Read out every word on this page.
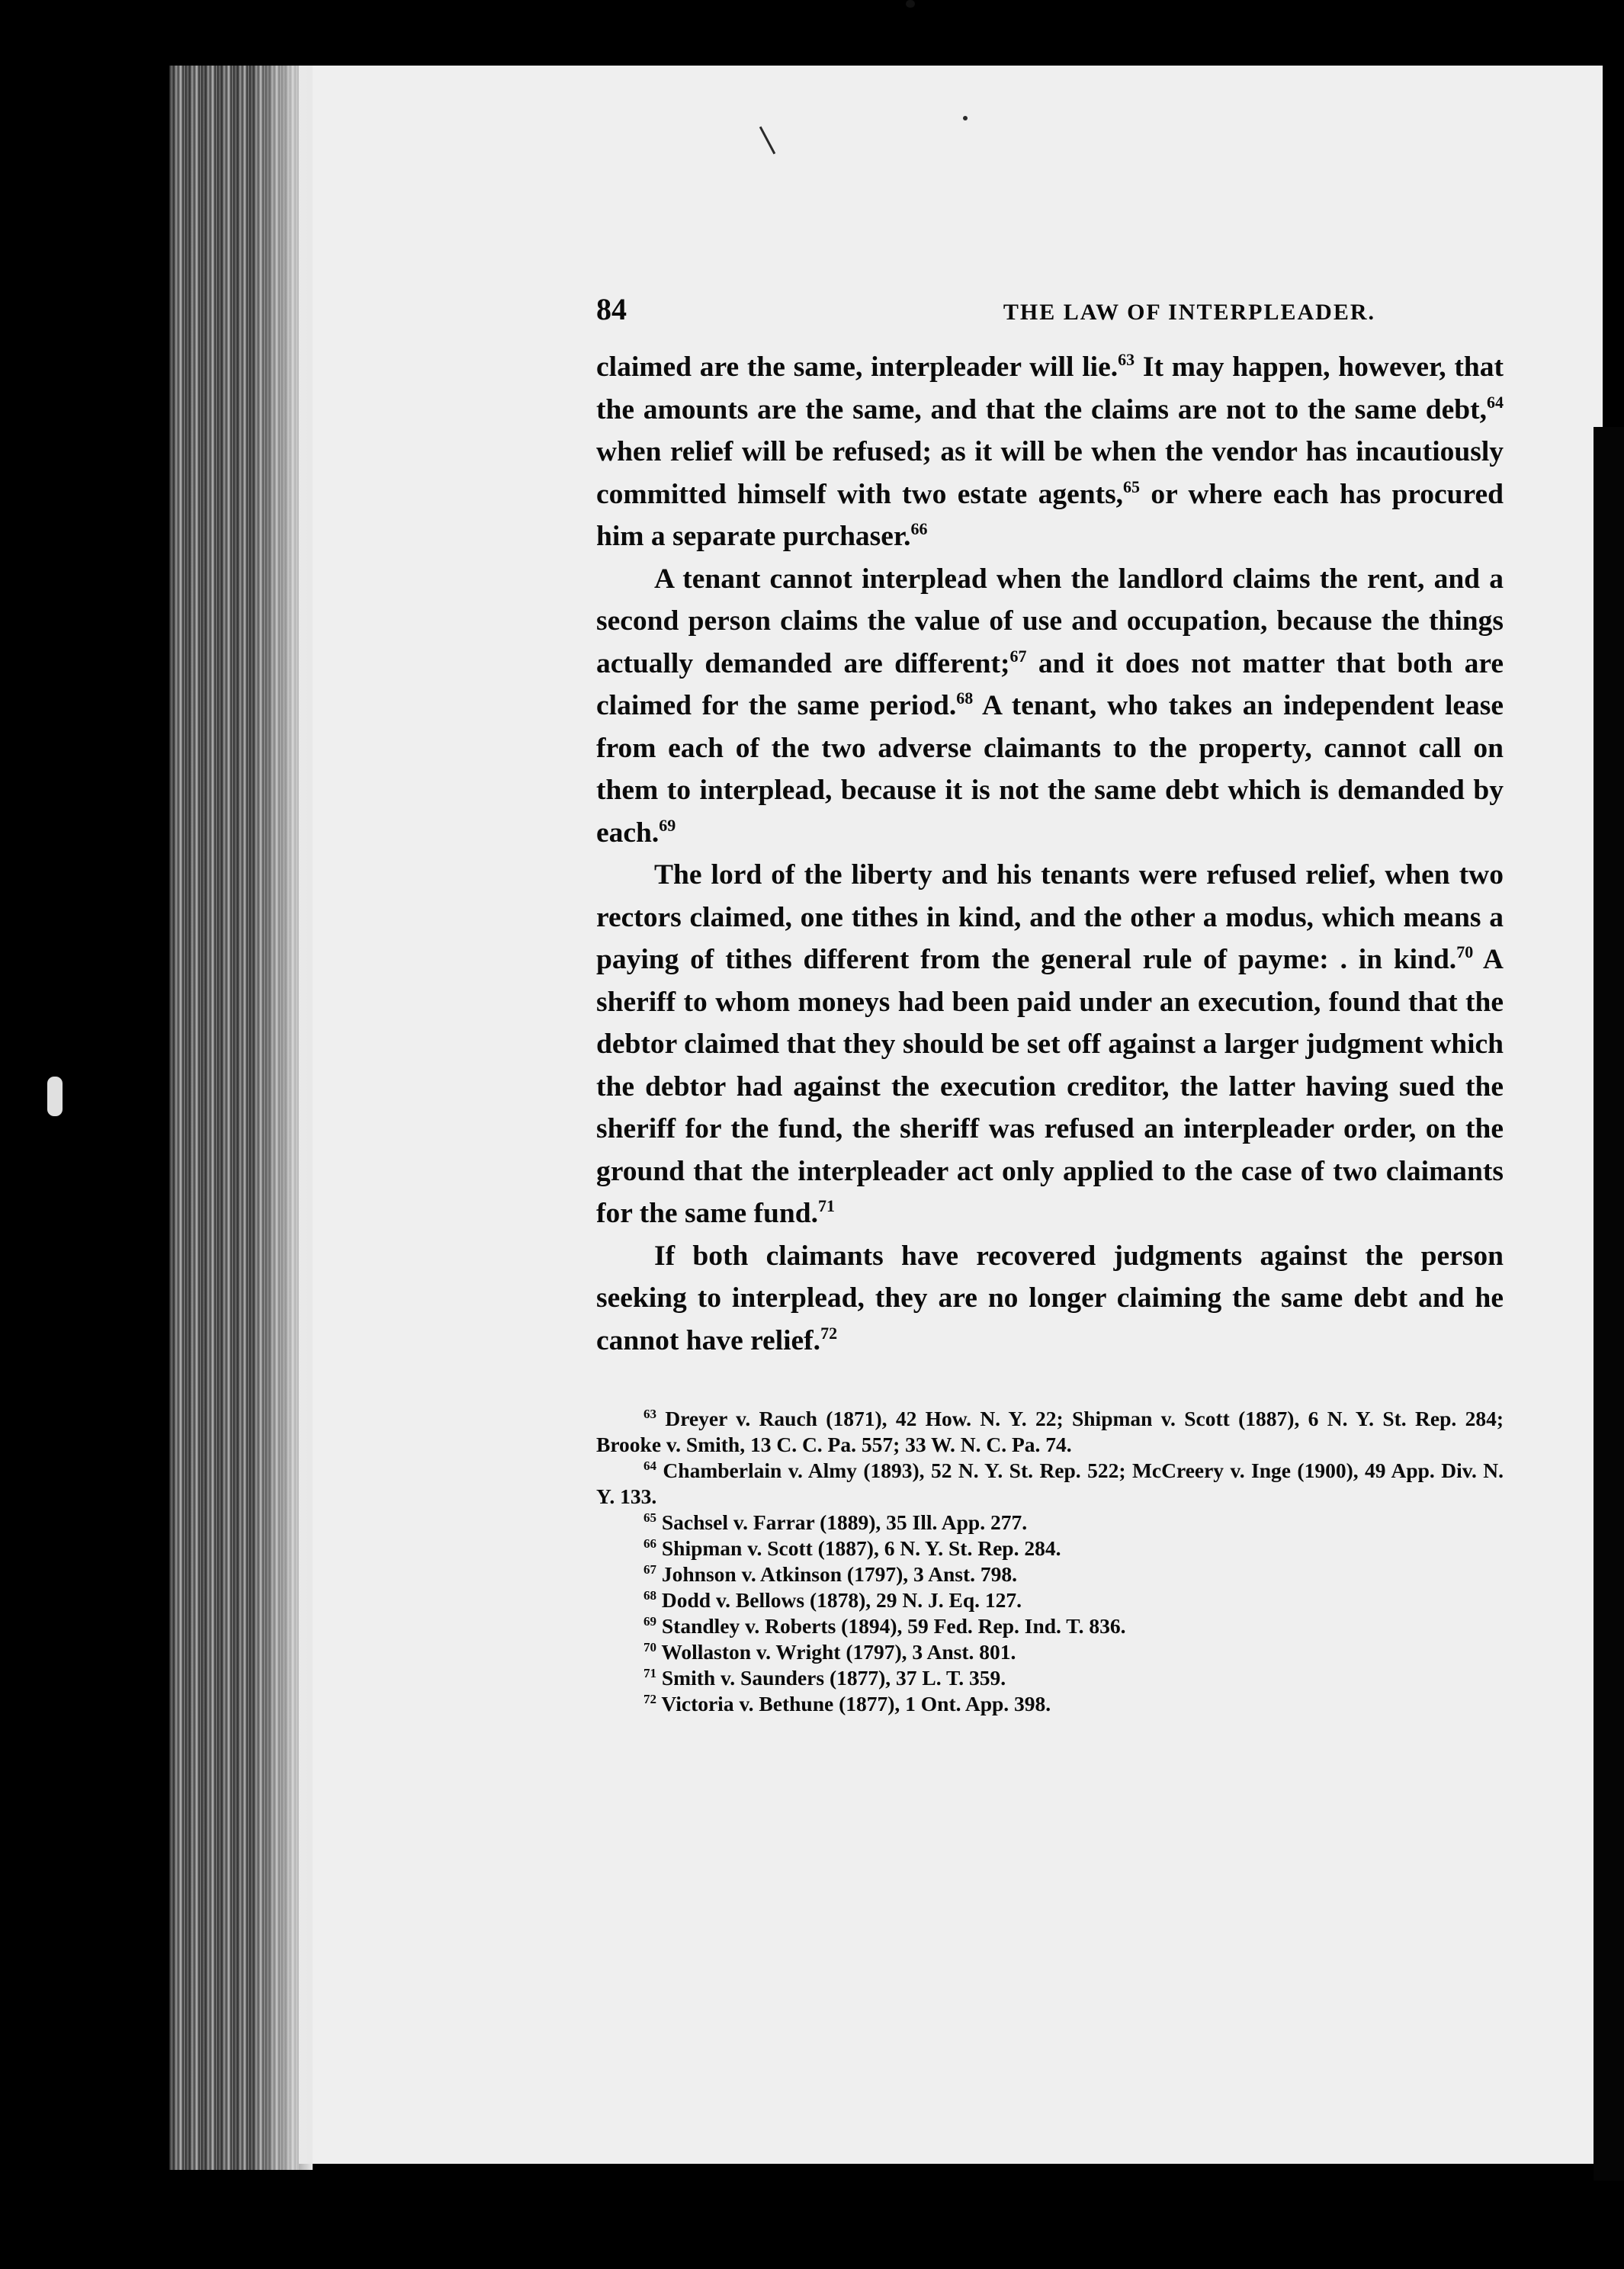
84	THE LAW OF INTERPLEADER.

claimed are the same, interpleader will lie.$^{63}$ It may happen, however, that the amounts are the same, and that the claims are not to the same debt,$^{64}$ when relief will be refused; as it will be when the vendor has incautiously committed himself with two estate agents,$^{65}$ or where each has procured him a separate purchaser.$^{66}$

A tenant cannot interplead when the landlord claims the rent, and a second person claims the value of use and occupation, because the things actually demanded are different;$^{67}$ and it does not matter that both are claimed for the same period.$^{68}$ A tenant, who takes an independent lease from each of the two adverse claimants to the property, cannot call on them to interplead, because it is not the same debt which is demanded by each.$^{69}$

The lord of the liberty and his tenants were refused relief, when two rectors claimed, one tithes in kind, and the other a modus, which means a paying of tithes different from the general rule of payme: . in kind.$^{70}$ A sheriff to whom moneys had been paid under an execution, found that the debtor claimed that they should be set off against a larger judgment which the debtor had against the execution creditor, the latter having sued the sheriff for the fund, the sheriff was refused an interpleader order, on the ground that the interpleader act only applied to the case of two claimants for the same fund.$^{71}$

If both claimants have recovered judgments against the person seeking to interplead, they are no longer claiming the same debt and he cannot have relief.$^{72}$

$^{63}$ Dreyer v. Rauch (1871), 42 How. N. Y. 22; Shipman v. Scott (1887), 6 N. Y. St. Rep. 284; Brooke v. Smith, 13 C. C. Pa. 557; 33 W. N. C. Pa. 74.

$^{64}$ Chamberlain v. Almy (1893), 52 N. Y. St. Rep. 522; McCreery v. Inge (1900), 49 App. Div. N. Y. 133.

$^{65}$ Sachsel v. Farrar (1889), 35 Ill. App. 277.

$^{66}$ Shipman v. Scott (1887), 6 N. Y. St. Rep. 284.

$^{67}$ Johnson v. Atkinson (1797), 3 Anst. 798.

$^{68}$ Dodd v. Bellows (1878), 29 N. J. Eq. 127.

$^{69}$ Standley v. Roberts (1894), 59 Fed. Rep. Ind. T. 836.

$^{70}$ Wollaston v. Wright (1797), 3 Anst. 801.

$^{71}$ Smith v. Saunders (1877), 37 L. T. 359.

$^{72}$ Victoria v. Bethune (1877), 1 Ont. App. 398.
